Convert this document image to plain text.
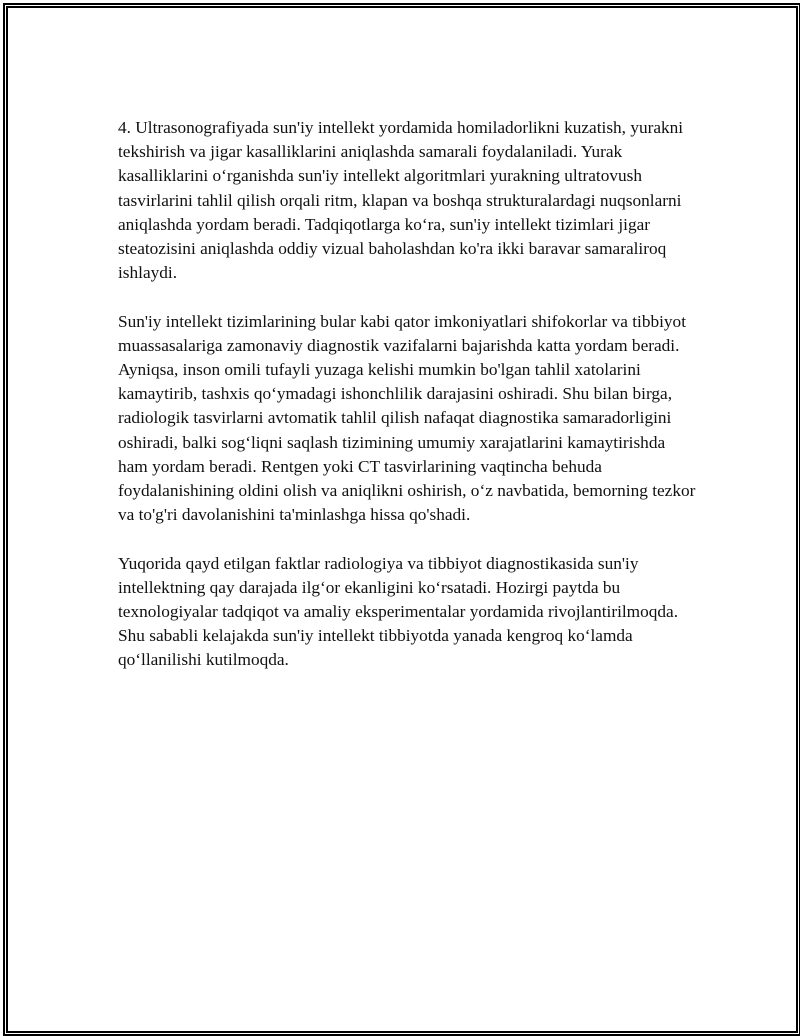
4. Ultrasonografiyada sun'iy intellekt yordamida homiladorlikni kuzatish, yurakni tekshirish va jigar kasalliklarini aniqlashda samarali foydalaniladi. Yurak kasalliklarini oʻrganishda sun'iy intellekt algoritmlari yurakning ultratovush tasvirlarini tahlil qilish orqali ritm, klapan va boshqa strukturalardagi nuqsonlarni aniqlashda yordam beradi. Tadqiqotlarga koʻra, sun'iy intellekt tizimlari jigar steatozisini aniqlashda oddiy vizual baholashdan ko'ra ikki baravar samaraliroq ishlaydi.

Sun'iy intellekt tizimlarining bular kabi qator imkoniyatlari shifokorlar va tibbiyot muassasalariga zamonaviy diagnostik vazifalarni bajarishda katta yordam beradi. Ayniqsa, inson omili tufayli yuzaga kelishi mumkin bo'lgan tahlil xatolarini kamaytirib, tashxis qoʻymadagi ishonchlilik darajasini oshiradi. Shu bilan birga, radiologik tasvirlarni avtomatik tahlil qilish nafaqat diagnostika samaradorligini oshiradi, balki sogʻliqni saqlash tizimining umumiy xarajatlarini kamaytirishda ham yordam beradi. Rentgen yoki CT tasvirlarining vaqtincha behuda foydalanishining oldini olish va aniqlikni oshirish, oʻz navbatida, bemorning tezkor va to'g'ri davolanishini ta'minlashga hissa qo'shadi.

Yuqorida qayd etilgan faktlar radiologiya va tibbiyot diagnostikasida sun'iy intellektning qay darajada ilgʻor ekanligini koʻrsatadi. Hozirgi paytda bu texnologiyalar tadqiqot va amaliy eksperimentalar yordamida rivojlantirilmoqda. Shu sababli kelajakda sun'iy intellekt tibbiyotda yanada kengroq koʻlamda qoʻllanilishi kutilmoqda.
